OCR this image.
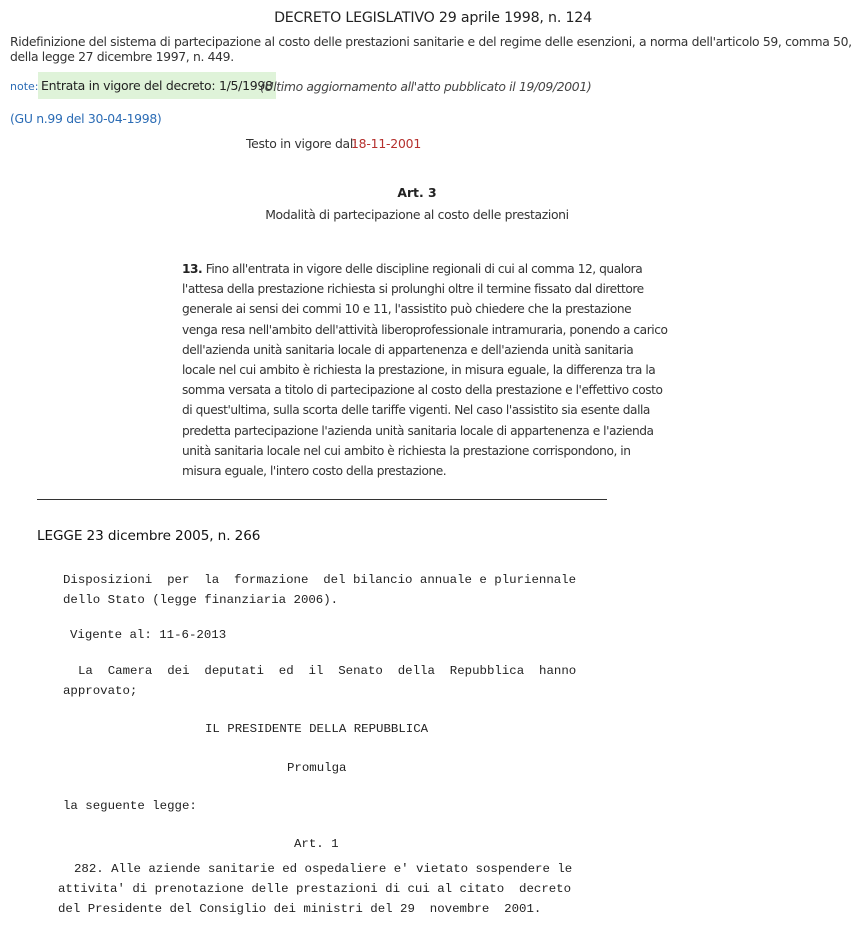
DECRETO LEGISLATIVO 29 aprile 1998, n. 124
Ridefinizione del sistema di partecipazione al costo delle prestazioni sanitarie e del regime delle esenzioni, a norma dell'articolo 59, comma 50, della legge 27 dicembre 1997, n. 449.
note: Entrata in vigore del decreto: 1/5/1998
(Ultimo aggiornamento all'atto pubblicato il 19/09/2001)
(GU n.99 del 30-04-1998)
Testo in vigore dal:
18-11-2001
Art. 3
Modalità di partecipazione al costo delle prestazioni
13. Fino all'entrata in vigore delle discipline regionali di cui al comma 12, qualora l'attesa della prestazione richiesta si prolunghi oltre il termine fissato dal direttore generale ai sensi dei commi 10 e 11, l'assistito può chiedere che la prestazione venga resa nell'ambito dell'attività liberoprofessionale intramuraria, ponendo a carico dell'azienda unità sanitaria locale di appartenenza e dell'azienda unità sanitaria locale nel cui ambito è richiesta la prestazione, in misura eguale, la differenza tra la somma versata a titolo di partecipazione al costo della prestazione e l'effettivo costo di quest'ultima, sulla scorta delle tariffe vigenti. Nel caso l'assistito sia esente dalla predetta partecipazione l'azienda unità sanitaria locale di appartenenza e l'azienda unità sanitaria locale nel cui ambito è richiesta la prestazione corrispondono, in misura eguale, l'intero costo della prestazione.
LEGGE 23 dicembre 2005, n. 266
Disposizioni  per  la  formazione  del bilancio annuale e pluriennale
dello Stato (legge finanziaria 2006).
Vigente al: 11-6-2013
La  Camera  dei  deputati  ed  il  Senato  della  Repubblica  hanno
approvato;
IL PRESIDENTE DELLA REPUBBLICA
Promulga
la seguente legge:
Art. 1
282. Alle aziende sanitarie ed ospedaliere e' vietato sospendere le
attivita' di prenotazione delle prestazioni di cui al citato  decreto
del Presidente del Consiglio dei ministri del 29  novembre  2001.
